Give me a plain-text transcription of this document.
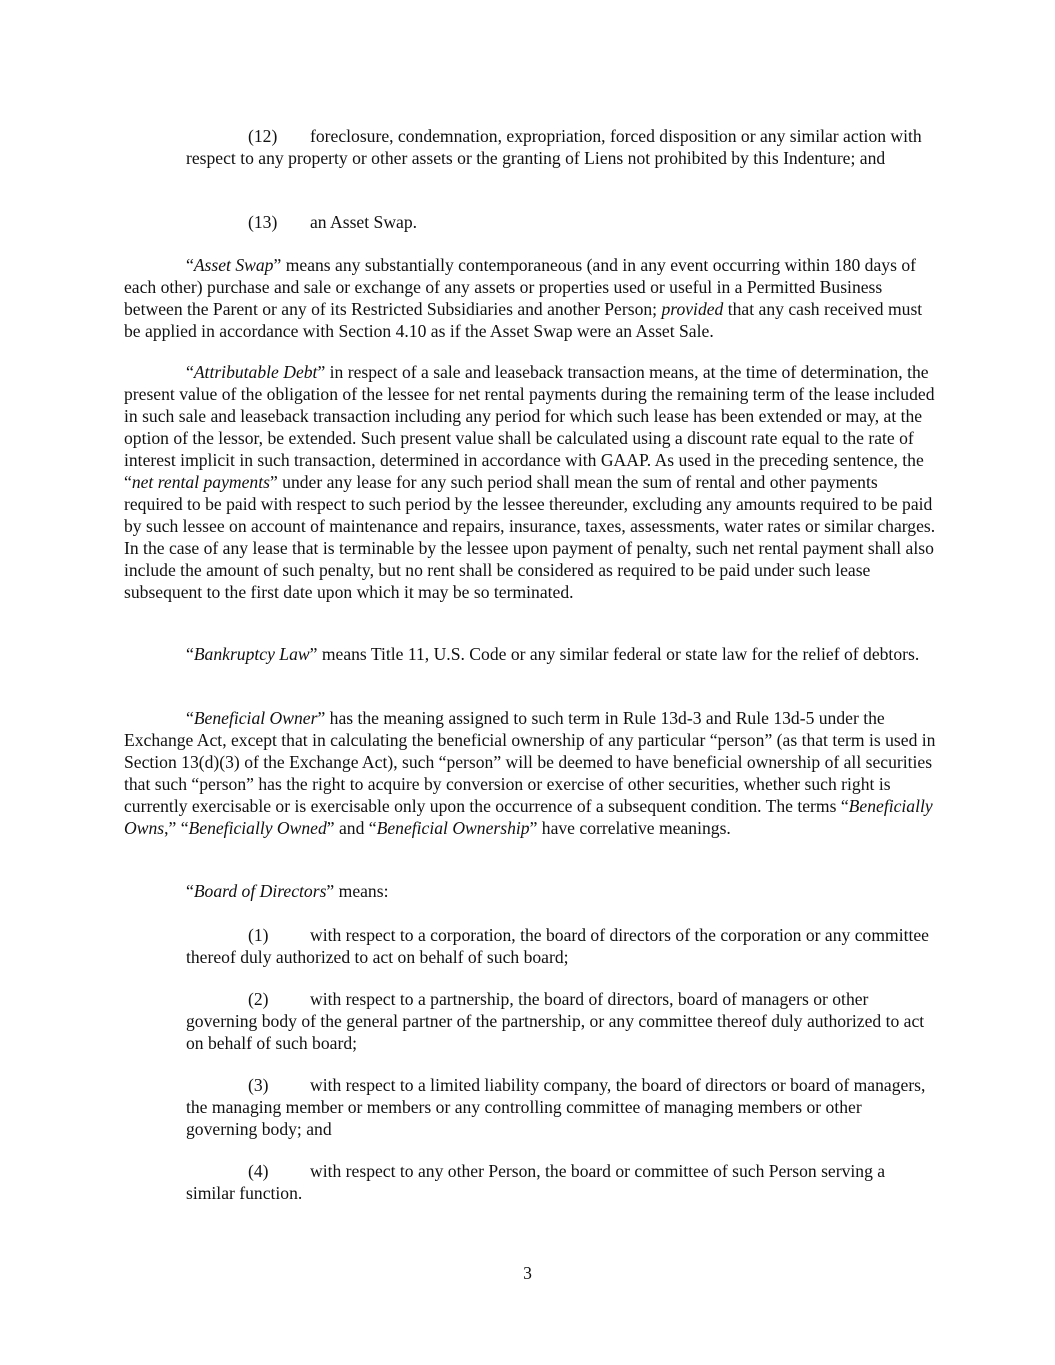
(12)	foreclosure, condemnation, expropriation, forced disposition or any similar action with respect to any property or other assets or the granting of Liens not prohibited by this Indenture; and
(13)	an Asset Swap.

“Asset Swap” means any substantially contemporaneous (and in any event occurring within 180 days of each other) purchase and sale or exchange of any assets or properties used or useful in a Permitted Business between the Parent or any of its Restricted Subsidiaries and another Person; provided that any cash received must be applied in accordance with Section 4.10 as if the Asset Swap were an Asset Sale.

“Attributable Debt” in respect of a sale and leaseback transaction means, at the time of determination, the present value of the obligation of the lessee for net rental payments during the remaining term of the lease included in such sale and leaseback transaction including any period for which such lease has been extended or may, at the option of the lessor, be extended. Such present value shall be calculated using a discount rate equal to the rate of interest implicit in such transaction, determined in accordance with GAAP. As used in the preceding sentence, the “net rental payments” under any lease for any such period shall mean the sum of rental and other payments required to be paid with respect to such period by the lessee thereunder, excluding any amounts required to be paid by such lessee on account of maintenance and repairs, insurance, taxes, assessments, water rates or similar charges. In the case of any lease that is terminable by the lessee upon payment of penalty, such net rental payment shall also include the amount of such penalty, but no rent shall be considered as required to be paid under such lease subsequent to the first date upon which it may be so terminated.

“Bankruptcy Law” means Title 11, U.S. Code or any similar federal or state law for the relief of debtors.

“Beneficial Owner” has the meaning assigned to such term in Rule 13d-3 and Rule 13d-5 under the Exchange Act, except that in calculating the beneficial ownership of any particular “person” (as that term is used in Section 13(d)(3) of the Exchange Act), such “person” will be deemed to have beneficial ownership of all securities that such “person” has the right to acquire by conversion or exercise of other securities, whether such right is currently exercisable or is exercisable only upon the occurrence of a subsequent condition. The terms “Beneficially Owns,” “Beneficially Owned” and “Beneficial Ownership” have correlative meanings.

“Board of Directors” means:

(1)	with respect to a corporation, the board of directors of the corporation or any committee thereof duly authorized to act on behalf of such board;
(2)	with respect to a partnership, the board of directors, board of managers or other governing body of the general partner of the partnership, or any committee thereof duly authorized to act on behalf of such board;
(3)	with respect to a limited liability company, the board of directors or board of managers, the managing member or members or any controlling committee of managing members or other governing body; and
(4)	with respect to any other Person, the board or committee of such Person serving a similar function.
3
